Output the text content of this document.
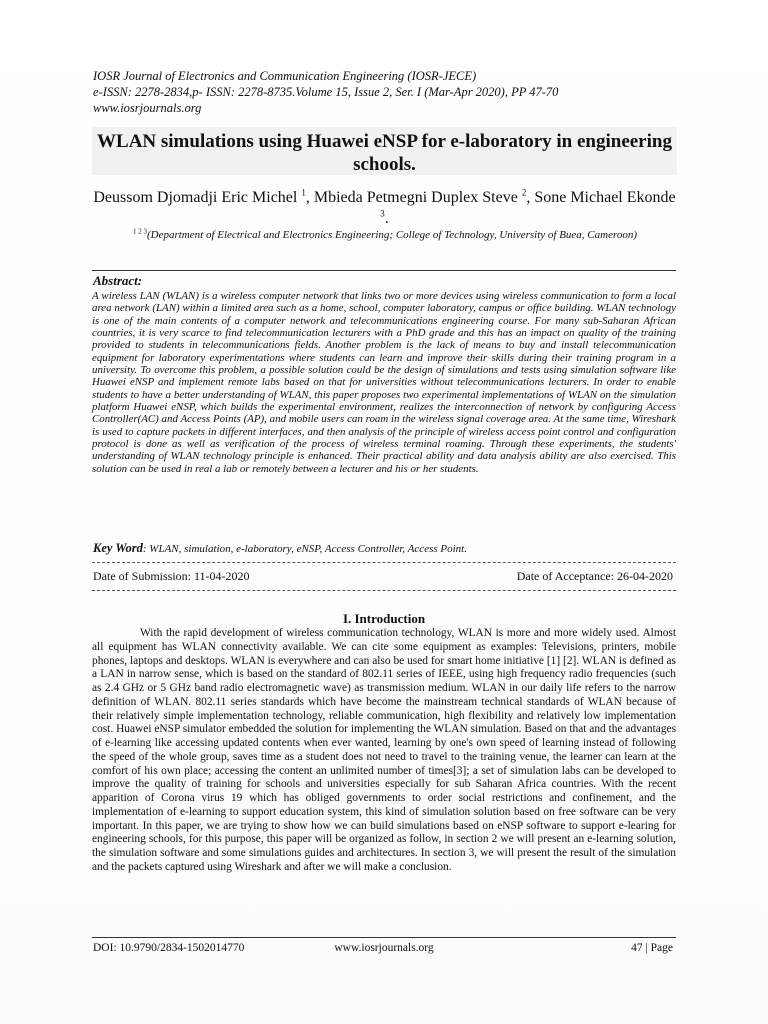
IOSR Journal of Electronics and Communication Engineering (IOSR-JECE)
e-ISSN: 2278-2834,p- ISSN: 2278-8735.Volume 15, Issue 2, Ser. I (Mar-Apr 2020), PP 47-70
www.iosrjournals.org
WLAN simulations using Huawei eNSP for e-laboratory in engineering schools.
Deussom Djomadji Eric Michel $^1$, Mbieda Petmegni Duplex Steve $^2$, Sone Michael Ekonde $^3$.
$^{1 2 3}$(Department of Electrical and Electronics Engineering; College of Technology, University of Buea, Cameroon)
Abstract:
A wireless LAN (WLAN) is a wireless computer network that links two or more devices using wireless communication to form a local area network (LAN) within a limited area such as a home, school, computer laboratory, campus or office building. WLAN technology is one of the main contents of a computer network and telecommunications engineering course. For many sub-Saharan African countries, it is very scarce to find telecommunication lecturers with a PhD grade and this has an impact on quality of the training provided to students in telecommunications fields. Another problem is the lack of means to buy and install telecommunication equipment for laboratory experimentations where students can learn and improve their skills during their training program in a university. To overcome this problem, a possible solution could be the design of simulations and tests using simulation software like Huawei eNSP and implement remote labs based on that for universities without telecommunications lecturers. In order to enable students to have a better understanding of WLAN, this paper proposes two experimental implementations of WLAN on the simulation platform Huawei eNSP, which builds the experimental environment, realizes the interconnection of network by configuring Access Controller(AC) and Access Points (AP), and mobile users can roam in the wireless signal coverage area. At the same time, Wireshark is used to capture packets in different interfaces, and then analysis of the principle of wireless access point control and configuration protocol is done as well as verification of the process of wireless terminal roaming. Through these experiments, the students' understanding of WLAN technology principle is enhanced. Their practical ability and data analysis ability are also exercised. This solution can be used in real a lab or remotely between a lecturer and his or her students.
Key Word: WLAN, simulation, e-laboratory, eNSP, Access Controller, Access Point.
Date of Submission: 11-04-2020	Date of Acceptance: 26-04-2020
I. Introduction

With the rapid development of wireless communication technology, WLAN is more and more widely used. Almost all equipment has WLAN connectivity available. We can cite some equipment as examples: Televisions, printers, mobile phones, laptops and desktops. WLAN is everywhere and can also be used for smart home initiative [1] [2]. WLAN is defined as a LAN in narrow sense, which is based on the standard of 802.11 series of IEEE, using high frequency radio frequencies (such as 2.4 GHz or 5 GHz band radio electromagnetic wave) as transmission medium. WLAN in our daily life refers to the narrow definition of WLAN. 802.11 series standards which have become the mainstream technical standards of WLAN because of their relatively simple implementation technology, reliable communication, high flexibility and relatively low implementation cost. Huawei eNSP simulator embedded the solution for implementing the WLAN simulation. Based on that and the advantages of e-learning like accessing updated contents when ever wanted, learning by one's own speed of learning instead of following the speed of the whole group, saves time as a student does not need to travel to the training venue, the learner can learn at the comfort of his own place; accessing the content an unlimited number of times[3]; a set of simulation labs can be developed to improve the quality of training for schools and universities especially for sub Saharan Africa countries. With the recent apparition of Corona virus 19 which has obliged governments to order social restrictions and confinement, and the implementation of e-learning to support education system, this kind of simulation solution based on free software can be very important. In this paper, we are trying to show how we can build simulations based on eNSP software to support e-learing for engineering schools, for this purpose, this paper will be organized as follow, in section 2 we will present an e-learning solution, the simulation software and some simulations guides and architectures. In section 3, we will present the result of the simulation and the packets captured using Wireshark and after we will make a conclusion.

DOI: 10.9790/2834-1502014770	www.iosrjournals.org	47 | Page
